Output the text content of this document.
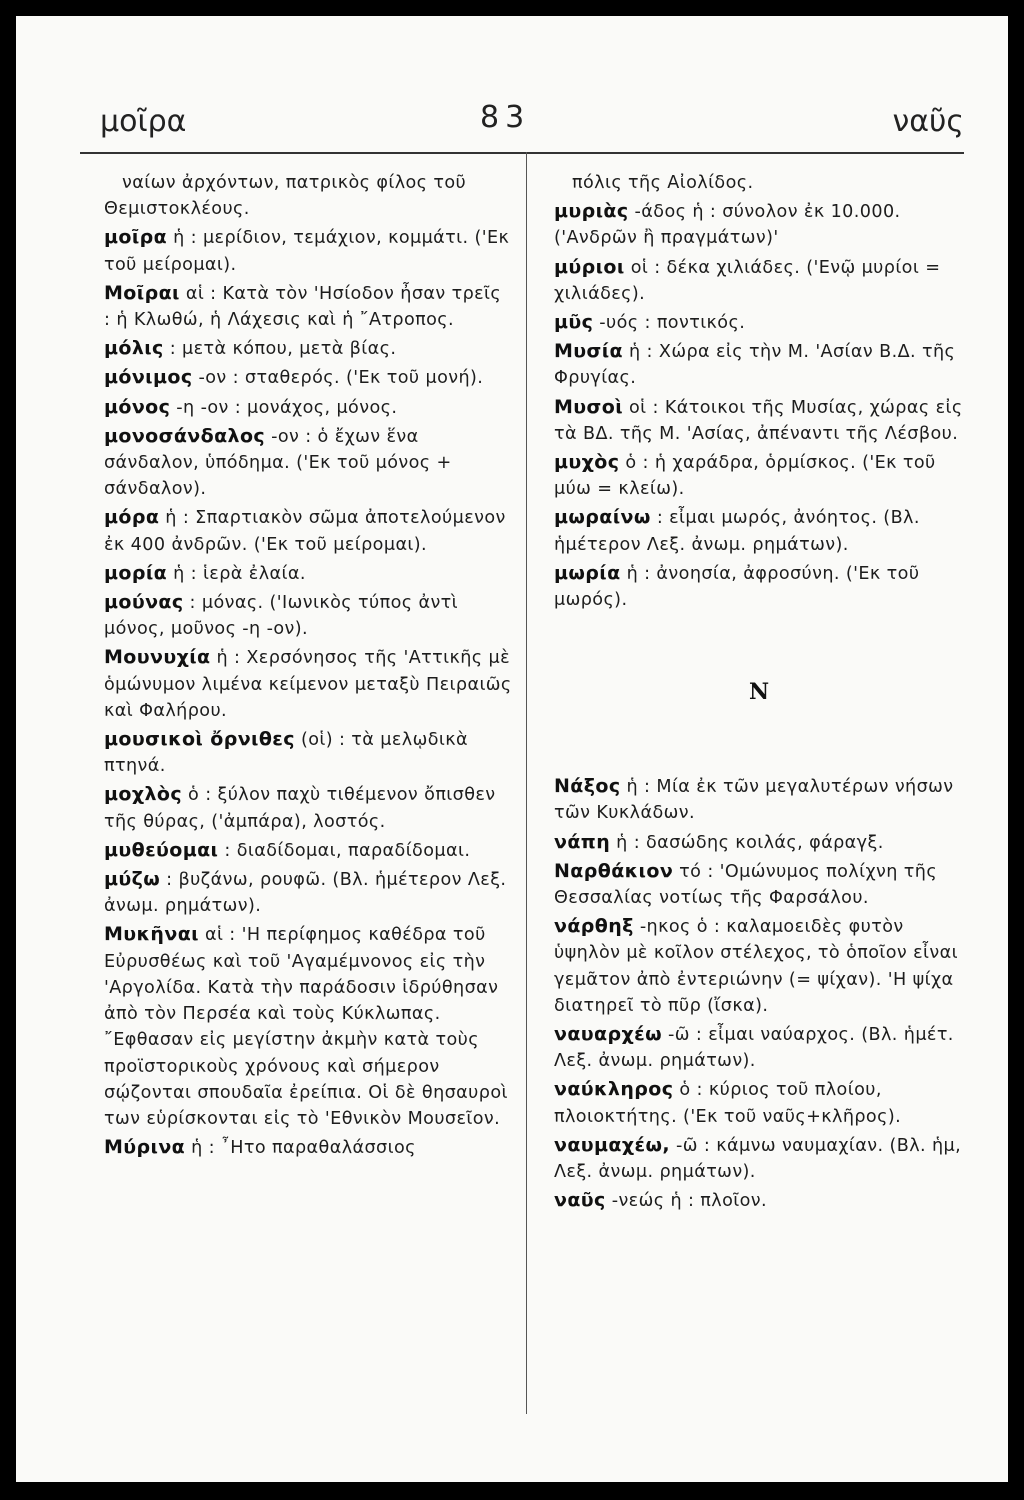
μοῖρα	83	ναῦς

ναίων ἀρχόντων, πατρικὸς φίλος τοῦ Θεμιστοκλέους.

μοῖρα ἡ : μερίδιον, τεμάχιον, κομμάτι. ('Εκ τοῦ μείρομαι).

Μοῖραι αἱ : Κατὰ τὸν 'Ησίοδον ἦσαν τρεῖς : ἡ Κλωθώ, ἡ Λάχεσις καὶ ἡ ῎Ατροπος.

μόλις : μετὰ κόπου, μετὰ βίας.

μόνιμος -ον : σταθερός. ('Εκ τοῦ μονή).

μόνος -η -ον : μονάχος, μόνος.

μονοσάνδαλος -ον : ὁ ἔχων ἕνα σάνδαλον, ὑπόδημα. ('Εκ τοῦ μόνος + σάνδαλον).

μόρα ἡ : Σπαρτιακὸν σῶμα ἀποτελούμενον ἐκ 400 ἀνδρῶν. ('Εκ τοῦ μείρομαι).

μορία ἡ : ἱερὰ ἐλαία.

μούνας : μόνας. ('Ιωνικὸς τύπος ἀντὶ μόνος, μοῦνος -η -ον).

Μουνυχία ἡ : Χερσόνησος τῆς 'Αττικῆς μὲ ὁμώνυμον λιμένα κείμενον μεταξὺ Πειραιῶς καὶ Φαλήρου.

μουσικοὶ ὄρνιθες (οἱ) : τὰ μελῳδικὰ πτηνά.

μοχλὸς ὁ : ξύλον παχὺ τιθέμενον ὄπισθεν τῆς θύρας, ('ἀμπάρα), λοστός.

μυθεύομαι : διαδίδομαι, παραδίδομαι.

μύζω : βυζάνω, ρουφῶ. (Βλ. ἡμέτερον Λεξ. ἀνωμ. ρημάτων).

Μυκῆναι αἱ : 'Η περίφημος καθέδρα τοῦ Εὐρυσθέως καὶ τοῦ 'Αγαμέμνονος εἰς τὴν 'Αργολίδα. Κατὰ τὴν παράδοσιν ἱδρύθησαν ἀπὸ τὸν Περσέα καὶ τοὺς Κύκλωπας. ῎Εφθασαν εἰς μεγίστην ἀκμὴν κατὰ τοὺς προϊστορικοὺς χρόνους καὶ σήμερον σῴζονται σπουδαῖα ἐρείπια. Οἱ δὲ θησαυροὶ των εὑρίσκονται εἰς τὸ 'Εθνικὸν Μουσεῖον.

Μύρινα ἡ : ῏Ητο παραθαλάσσιος

πόλις τῆς Αἰολίδος.

μυριὰς -άδος ἡ : σύνολον ἐκ 10.000. ('Ανδρῶν ἢ πραγμάτων)'

μύριοι οἱ : δέκα χιλιάδες. ('Ενῷ μυρίοι = χιλιάδες).

μῦς -υός : ποντικός.

Μυσία ἡ : Χώρα εἰς τὴν Μ. 'Ασίαν Β.Δ. τῆς Φρυγίας.

Μυσοὶ οἱ : Κάτοικοι τῆς Μυσίας, χώρας εἰς τὰ ΒΔ. τῆς Μ. 'Ασίας, ἀπέναντι τῆς Λέσβου.

μυχὸς ὁ : ἡ χαράδρα, ὁρμίσκος. ('Εκ τοῦ μύω = κλείω).

μωραίνω : εἶμαι μωρός, ἀνόητος. (Βλ. ἡμέτερον Λεξ. ἀνωμ. ρημάτων).

μωρία ἡ : ἀνοησία, ἀφροσύνη. ('Εκ τοῦ μωρός).

Ν

Νάξος ἡ : Μία ἐκ τῶν μεγαλυτέρων νήσων τῶν Κυκλάδων.

νάπη ἡ : δασώδης κοιλάς, φάραγξ.

Ναρθάκιον τό : 'Ομώνυμος πολίχνη τῆς Θεσσαλίας νοτίως τῆς Φαρσάλου.

νάρθηξ -ηκος ὁ : καλαμοειδὲς φυτὸν ὑψηλὸν μὲ κοῖλον στέλεχος, τὸ ὁποῖον εἶναι γεμᾶτον ἀπὸ ἐντεριώνην (= ψίχαν). 'Η ψίχα διατηρεῖ τὸ πῦρ (ἴσκα).

ναυαρχέω -ῶ : εἶμαι ναύαρχος. (Βλ. ἡμέτ. Λεξ. ἀνωμ. ρημάτων).

ναύκληρος ὁ : κύριος τοῦ πλοίου, πλοιοκτήτης. ('Εκ τοῦ ναῦς+κλῆρος).

ναυμαχέω, -ῶ : κάμνω ναυμαχίαν. (Βλ. ἡμ, Λεξ. ἀνωμ. ρημάτων).

ναῦς -νεώς ἡ : πλοῖον.
